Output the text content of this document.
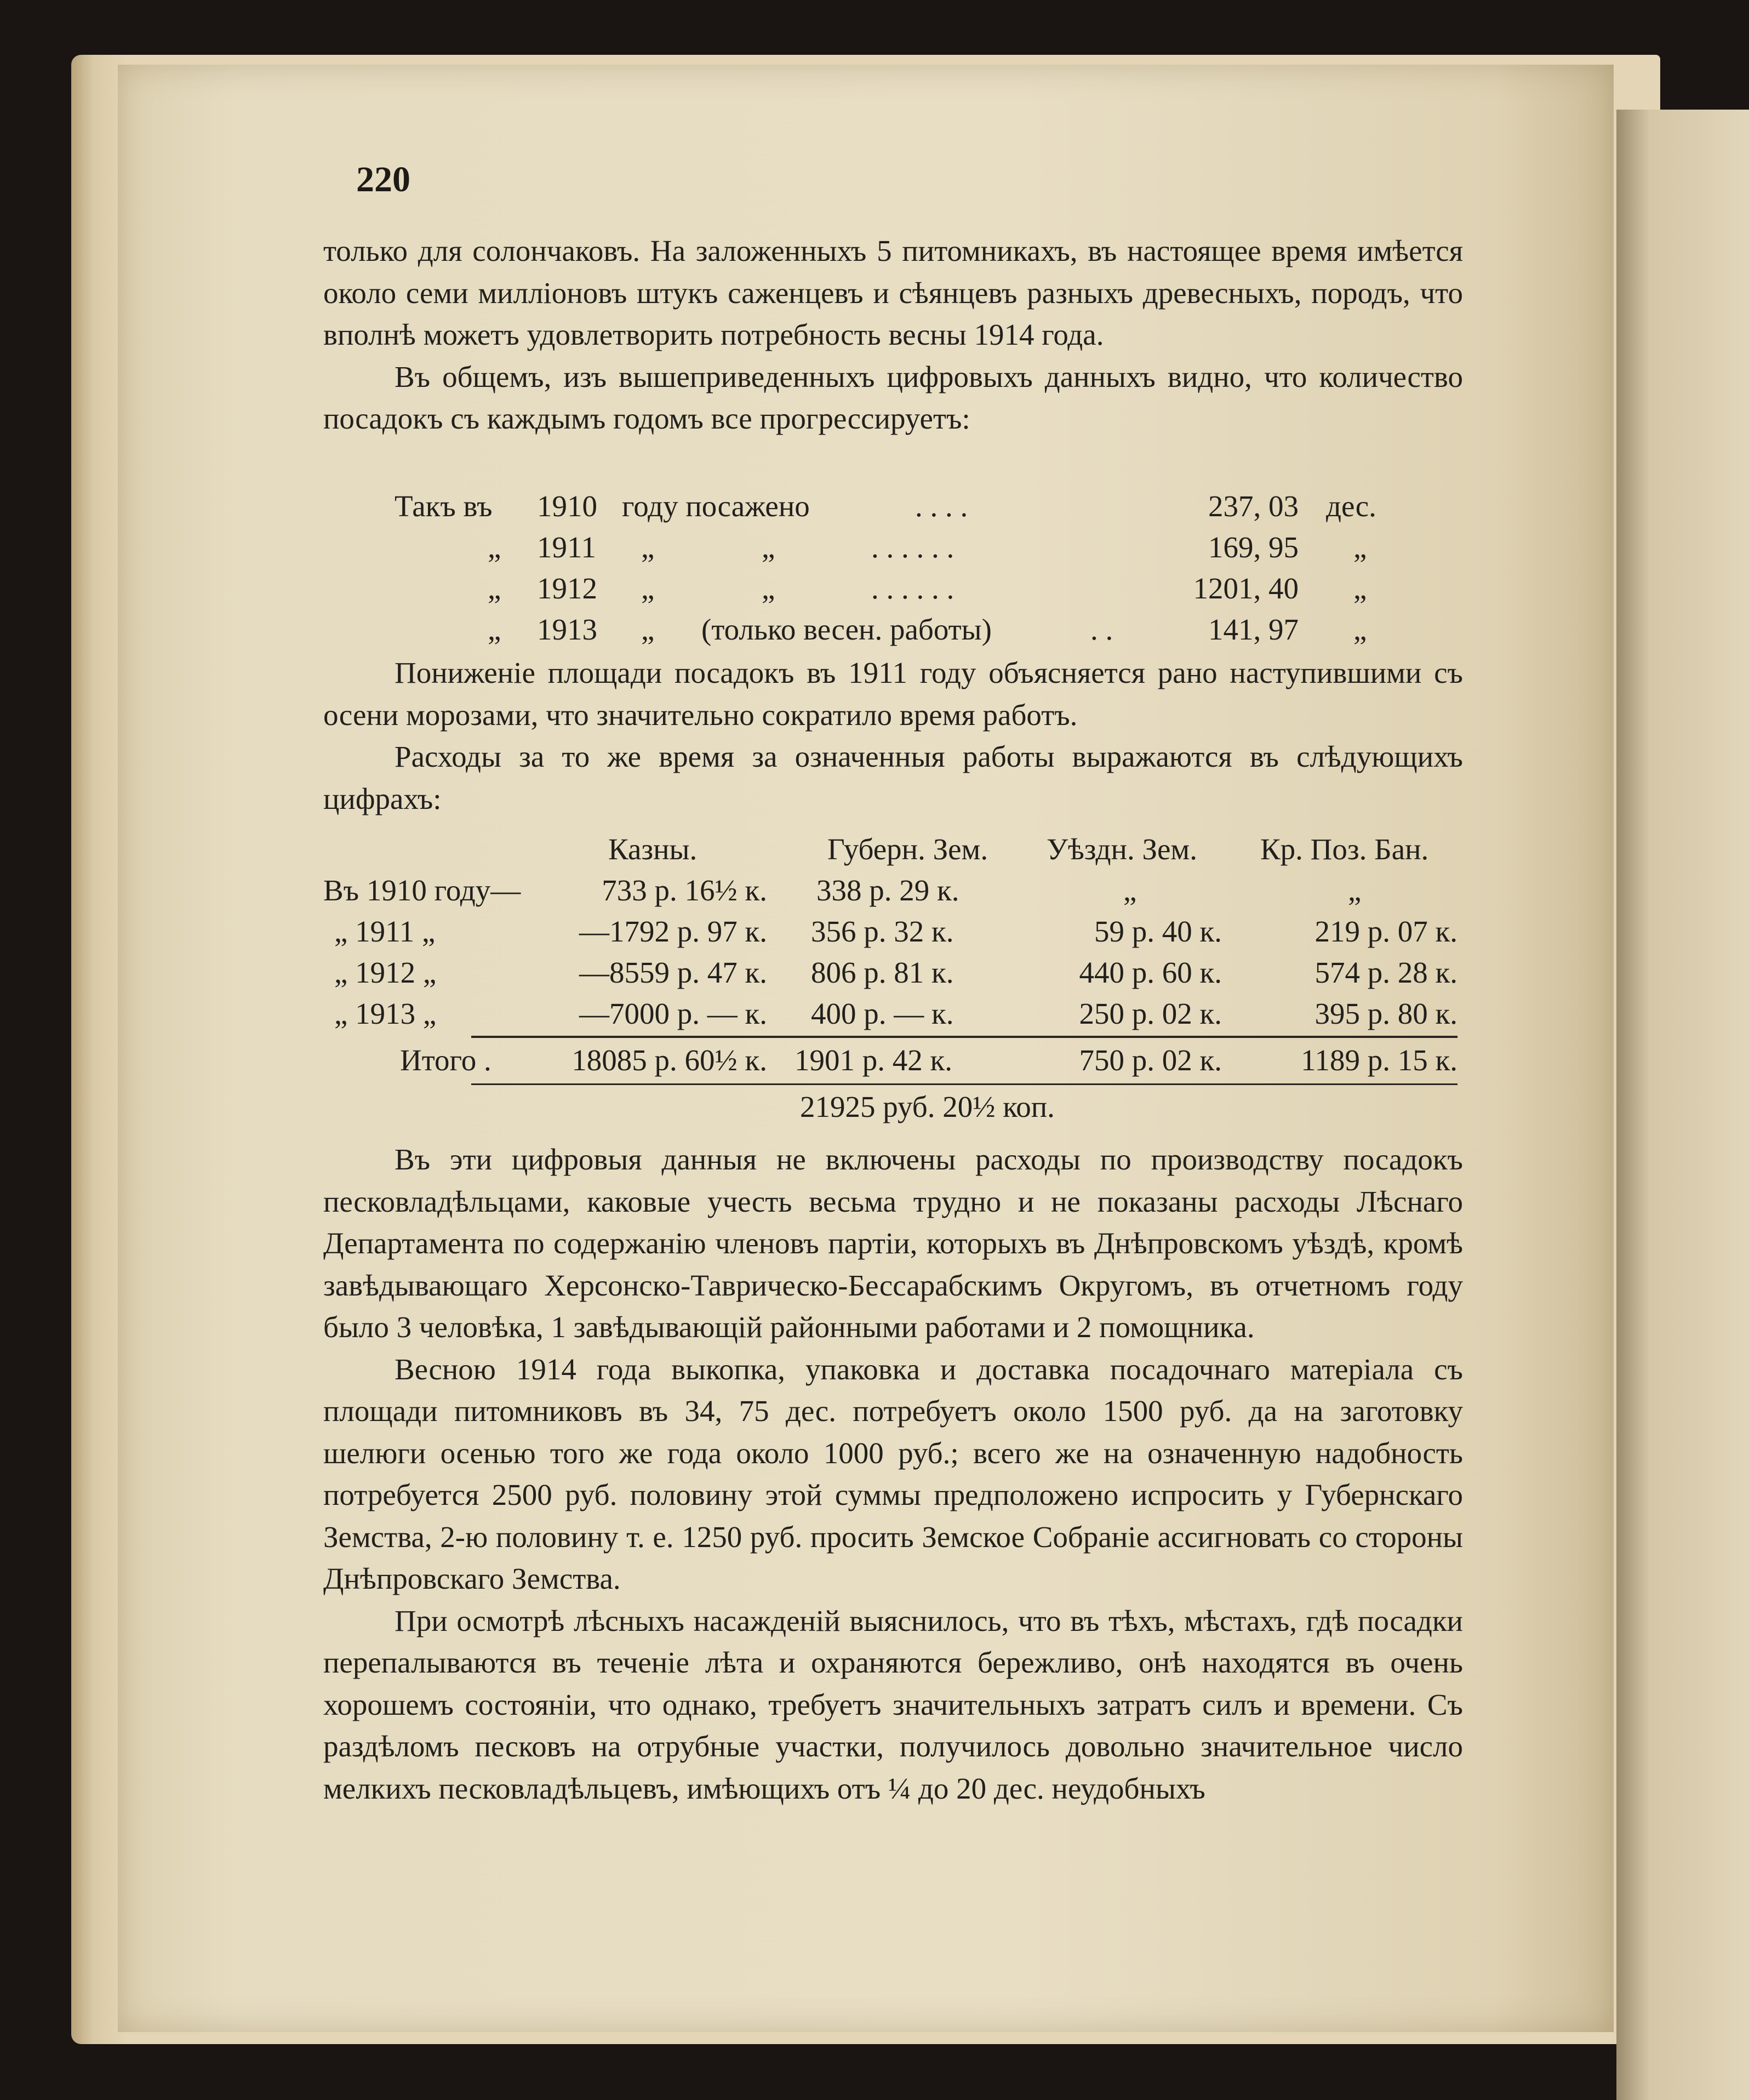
220

только для солончаковъ. На заложенныхъ 5 питомникахъ, въ настоящее время имѣется около семи милліоновъ штукъ саженцевъ и сѣянцевъ разныхъ древесныхъ, породъ, что вполнѣ можетъ удовлетворить потребность весны 1914 года.

Въ общемъ, изъ вышеприведенныхъ цифровыхъ данныхъ видно, что количество посадокъ съ каждымъ годомъ все прогрессируетъ:

Такъ въ 1910 году посажено	. . . .	237, 03 дес.
„ 1911 „	„	. . . . . .	169, 95 „
„ 1912 „	„	. . . . . .	1201, 40 „
„ 1913 „ (только весен. работы)	. .	141, 97 „

Пониженіе площади посадокъ въ 1911 году объясняется рано наступившими съ осени морозами, что значительно сократило время работъ.

Расходы за то же время за означенныя работы выражаются въ слѣдующихъ цифрахъ:

Казны.	Губерн. Зем. Уѣздн. Зем. Кр. Поз. Бан.
Въ 1910 году—	733 р. 16½ к. 338 р. 29 к.	„	„
„ 1911 „	—1792 р. 97 к. 356 р. 32 к.	59 р. 40 к.	219 р. 07 к.
„ 1912 „	—8559 р. 47 к. 806 р. 81 к.	440 р. 60 к.	574 р. 28 к.
„ 1913 „	—7000 р. — к. 400 р. — к.	250 р. 02 к.	395 р. 80 к.
Итого .	18085 р. 60½ к. 1901 р. 42 к.	750 р. 02 к.	1189 р. 15 к.
21925 руб. 20½ коп.

Въ эти цифровыя данныя не включены расходы по производству посадокъ песковладѣльцами, каковые учесть весьма трудно и не показаны расходы Лѣснаго Департамента по содержанію членовъ партіи, которыхъ въ Днѣпровскомъ уѣздѣ, кромѣ завѣдывающаго Херсонско-Таврическо-Бессарабскимъ Округомъ, въ отчетномъ году было 3 человѣка, 1 завѣдывающій районными работами и 2 помощника.

Весною 1914 года выкопка, упаковка и доставка посадочнаго матеріала съ площади питомниковъ въ 34, 75 дес. потребуетъ около 1500 руб. да на заготовку шелюги осенью того же года около 1000 руб.; всего же на означенную надобность потребуется 2500 руб. половину этой суммы предположено испросить у Губернскаго Земства, 2-ю половину т. е. 1250 руб. просить Земское Собраніе ассигновать со стороны Днѣпровскаго Земства.

При осмотрѣ лѣсныхъ насажденій выяснилось, что въ тѣхъ, мѣстахъ, гдѣ посадки перепалываются въ теченіе лѣта и охраняются бережливо, онѣ находятся въ очень хорошемъ состояніи, что однако, требуетъ значительныхъ затратъ силъ и времени. Съ раздѣломъ песковъ на отрубные участки, получилось довольно значительное число мелкихъ песковладѣльцевъ, имѣющихъ отъ ¼ до 20 дес. неудобныхъ
